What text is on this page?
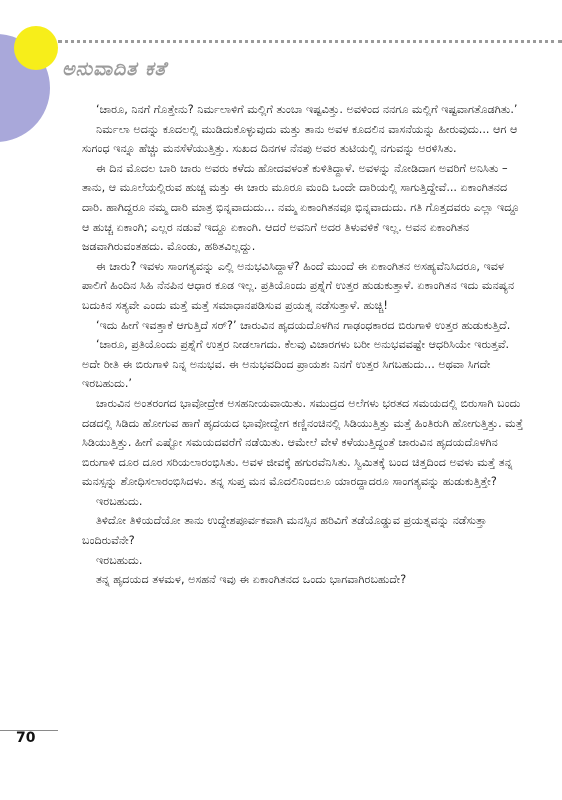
ಅನುವಾದಿತ ಕತೆ

‘ಚಾರೂ, ನಿನಗೆ ಗೊತ್ತೇನು? ನಿರ್ಮಲಾಳಿಗೆ ಮಲ್ಲಿಗೆ ತುಂಬಾ ಇಷ್ಟವಿತ್ತು. ಅವಳಿಂದ ನನಗೂ ಮಲ್ಲಿಗೆ ಇಷ್ಟವಾಗತೊಡಗಿತು.’

ನಿರ್ಮಲಾ ಅದನ್ನು ಕೂದಲಲ್ಲಿ ಮುಡಿದುಕೊಳ್ಳುವುದು ಮತ್ತು ತಾನು ಅವಳ ಕೂದಲಿನ ವಾಸನೆಯನ್ನು ಹೀರುವುದು... ಆಗ ಆ ಸುಗಂಧ ಇನ್ನೂ ಹೆಚ್ಚು ಮನಸೆಳೆಯುತ್ತಿತ್ತು. ಸುಖದ ದಿನಗಳ ನೆನಪು ಅವರ ತುಟಿಯಲ್ಲಿ ನಗುವನ್ನು ಅರಳಿಸಿತು.

ಈ ದಿನ ಮೊದಲ ಬಾರಿ ಚಾರು ಅವರು ಕಳೆದು ಹೋದವಳಂತೆ ಕುಳಿತಿದ್ದಾಳೆ. ಅವಳನ್ನು ನೋಡಿದಾಗ ಅವರಿಗೆ ಅನಿಸಿತು – ತಾನು, ಆ ಮೂಲೆಯಲ್ಲಿರುವ ಹುಚ್ಚ ಮತ್ತು ಈ ಚಾರು ಮೂರೂ ಮಂದಿ ಒಂದೇ ದಾರಿಯಲ್ಲಿ ಸಾಗುತ್ತಿದ್ದೇವೆ... ಏಕಾಂಗಿತನದ ದಾರಿ. ಹಾಗಿದ್ದರೂ ನಮ್ಮ ದಾರಿ ಮಾತ್ರ ಭಿನ್ನವಾದುದು... ನಮ್ಮ ಏಕಾಂಗಿತನವೂ ಭಿನ್ನವಾದುದು. ಗತಿ ಗೊತ್ತದವರು ಎಲ್ಲಾ ಇದ್ದೂ ಆ ಹುಚ್ಚ ಏಕಾಂಗಿ; ಎಲ್ಲರ ನಡುವೆ ಇದ್ದೂ ಏಕಾಂಗಿ. ಆದರೆ ಅವನಿಗೆ ಅದರ ತಿಳುವಳಿಕೆ ಇಲ್ಲ. ಅವನ ಏಕಾಂಗಿತನ ಜಡವಾಗಿರುವಂತಹದು. ಮೊಂಡು, ಹಠಿತವಿಲ್ಲದ್ದು.

ಈ ಚಾರು? ಇವಳು ಸಾಂಗತ್ಯವನ್ನು ಎಲ್ಲಿ ಅನುಭವಿಸಿದ್ದಾಳೆ? ಹಿಂದೆ ಮುಂದೆ ಈ ಏಕಾಂಗಿತನ ಅಸಹ್ಯವೆನಿಸಿದರೂ, ಇವಳ ಪಾಲಿಗೆ ಹಿಂದಿನ ಸಿಹಿ ನೆನಪಿನ ಆಧಾರ ಕೂಡ ಇಲ್ಲ. ಪ್ರತಿಯೊಂದು ಪ್ರಶ್ನೆಗೆ ಉತ್ತರ ಹುಡುಕುತ್ತಾಳೆ. ಏಕಾಂಗಿತನ ಇದು ಮನಷ್ಯನ ಬದುಕಿನ ಸತ್ಯವೇ ಎಂದು ಮತ್ತೆ ಮತ್ತೆ ಸಮಾಧಾನಪಡಿಸುವ ಪ್ರಯತ್ನ ನಡೆಸುತ್ತಾಳೆ. ಹುಚ್ಚಿ!

‘ಇದು ಹೀಗೆ ಇವತ್ತಾಕೆ ಆಗುತ್ತಿದೆ ಸರ್?’ ಚಾರುವಿನ ಹೃದಯದೊಳಗಿನ ಗಾಢಂಧಕಾರದ ಬಿರುಗಾಳಿ ಉತ್ತರ ಹುಡುಕುತ್ತಿದೆ.

‘ಚಾರೂ, ಪ್ರತಿಯೊಂದು ಪ್ರಶ್ನೆಗೆ ಉತ್ತರ ನೀಡಲಾಗದು. ಕೆಲವು ವಿಚಾರಗಳು ಬರೀ ಅನುಭವವಷ್ಟೇ ಆಧರಿಸಿಯೇ ಇರುತ್ತವೆ. ಅದೇ ರೀತಿ ಈ ಬಿರುಗಾಳಿ ನಿನ್ನ ಅನುಭವ. ಈ ಅನುಭವದಿಂದ ಪ್ರಾಯಶಃ ನಿನಗೆ ಉತ್ತರ ಸಿಗಬಹುದು... ಅಥವಾ ಸಿಗದೇ ಇರಬಹುದು.’

ಚಾರುವಿನ ಅಂತರಂಗದ ಭಾವೋದ್ರೇಕ ಅಸಹನೀಯವಾಯಿತು. ಸಮುದ್ರದ ಅಲೆಗಳು ಭರತದ ಸಮಯದಲ್ಲಿ ಬಿರುಸಾಗಿ ಬಂದು ದಡದಲ್ಲಿ ಸಿಡಿದು ಹೋಗುವ ಹಾಗೆ ಹೃದಯದ ಭಾವೋದ್ವೇಗ ಕಣ್ಣಿನಂಚಿನಲ್ಲಿ ಸಿಡಿಯುತ್ತಿತ್ತು ಮತ್ತೆ ಹಿಂತಿರುಗಿ ಹೋಗುತ್ತಿತ್ತು. ಮತ್ತೆ ಸಿಡಿಯುತ್ತಿತ್ತು. ಹೀಗೆ ಎಷ್ಟೋ ಸಮಯದವರೆಗೆ ನಡೆಯಿತು. ಆಮೇಲೆ ವೇಳೆ ಕಳೆಯುತ್ತಿದ್ದಂತೆ ಚಾರುವಿನ ಹೃದಯದೊಳಗಿನ ಬಿರುಗಾಳಿ ದೂರ ದೂರ ಸರಿಯಲಾರಂಭಿಸಿತು. ಅವಳ ಜೀವಕ್ಕೆ ಹಗುರವೆನಿಸಿತು. ಸ್ವಿಮಿತಕ್ಕೆ ಬಂದ ಚಿತ್ತದಿಂದ ಅವಳು ಮತ್ತೆ ತನ್ನ ಮನಸ್ಸನ್ನು ಶೋಧಿಸಲಾರಂಭಿಸಿದಳು. ತನ್ನ ಸುಪ್ತ ಮನ ಮೊದಲಿನಿಂದಲೂ ಯಾರದ್ದಾದರೂ ಸಾಂಗತ್ಯವನ್ನು ಹುಡುಕುತ್ತಿತ್ತೇ?

ಇರಬಹುದು.

ತಿಳಿದೋ ತಿಳಿಯದೆಯೋ ತಾನು ಉದ್ದೇಶಪೂರ್ವಕವಾಗಿ ಮನಸ್ಸಿನ ಹರಿವಿಗೆ ತಡೆಯೊಡ್ಡುವ ಪ್ರಯತ್ನವನ್ನು ನಡೆಸುತ್ತಾ ಬಂದಿರುವೆನೇ?

ಇರಬಹುದು.

ತನ್ನ ಹೃದಯದ ತಳಮಳ, ಅಸಹನೆ ಇವು ಈ ಏಕಾಂಗಿತನದ ಒಂದು ಭಾಗವಾಗಿರಬಹುದೇ?

70
